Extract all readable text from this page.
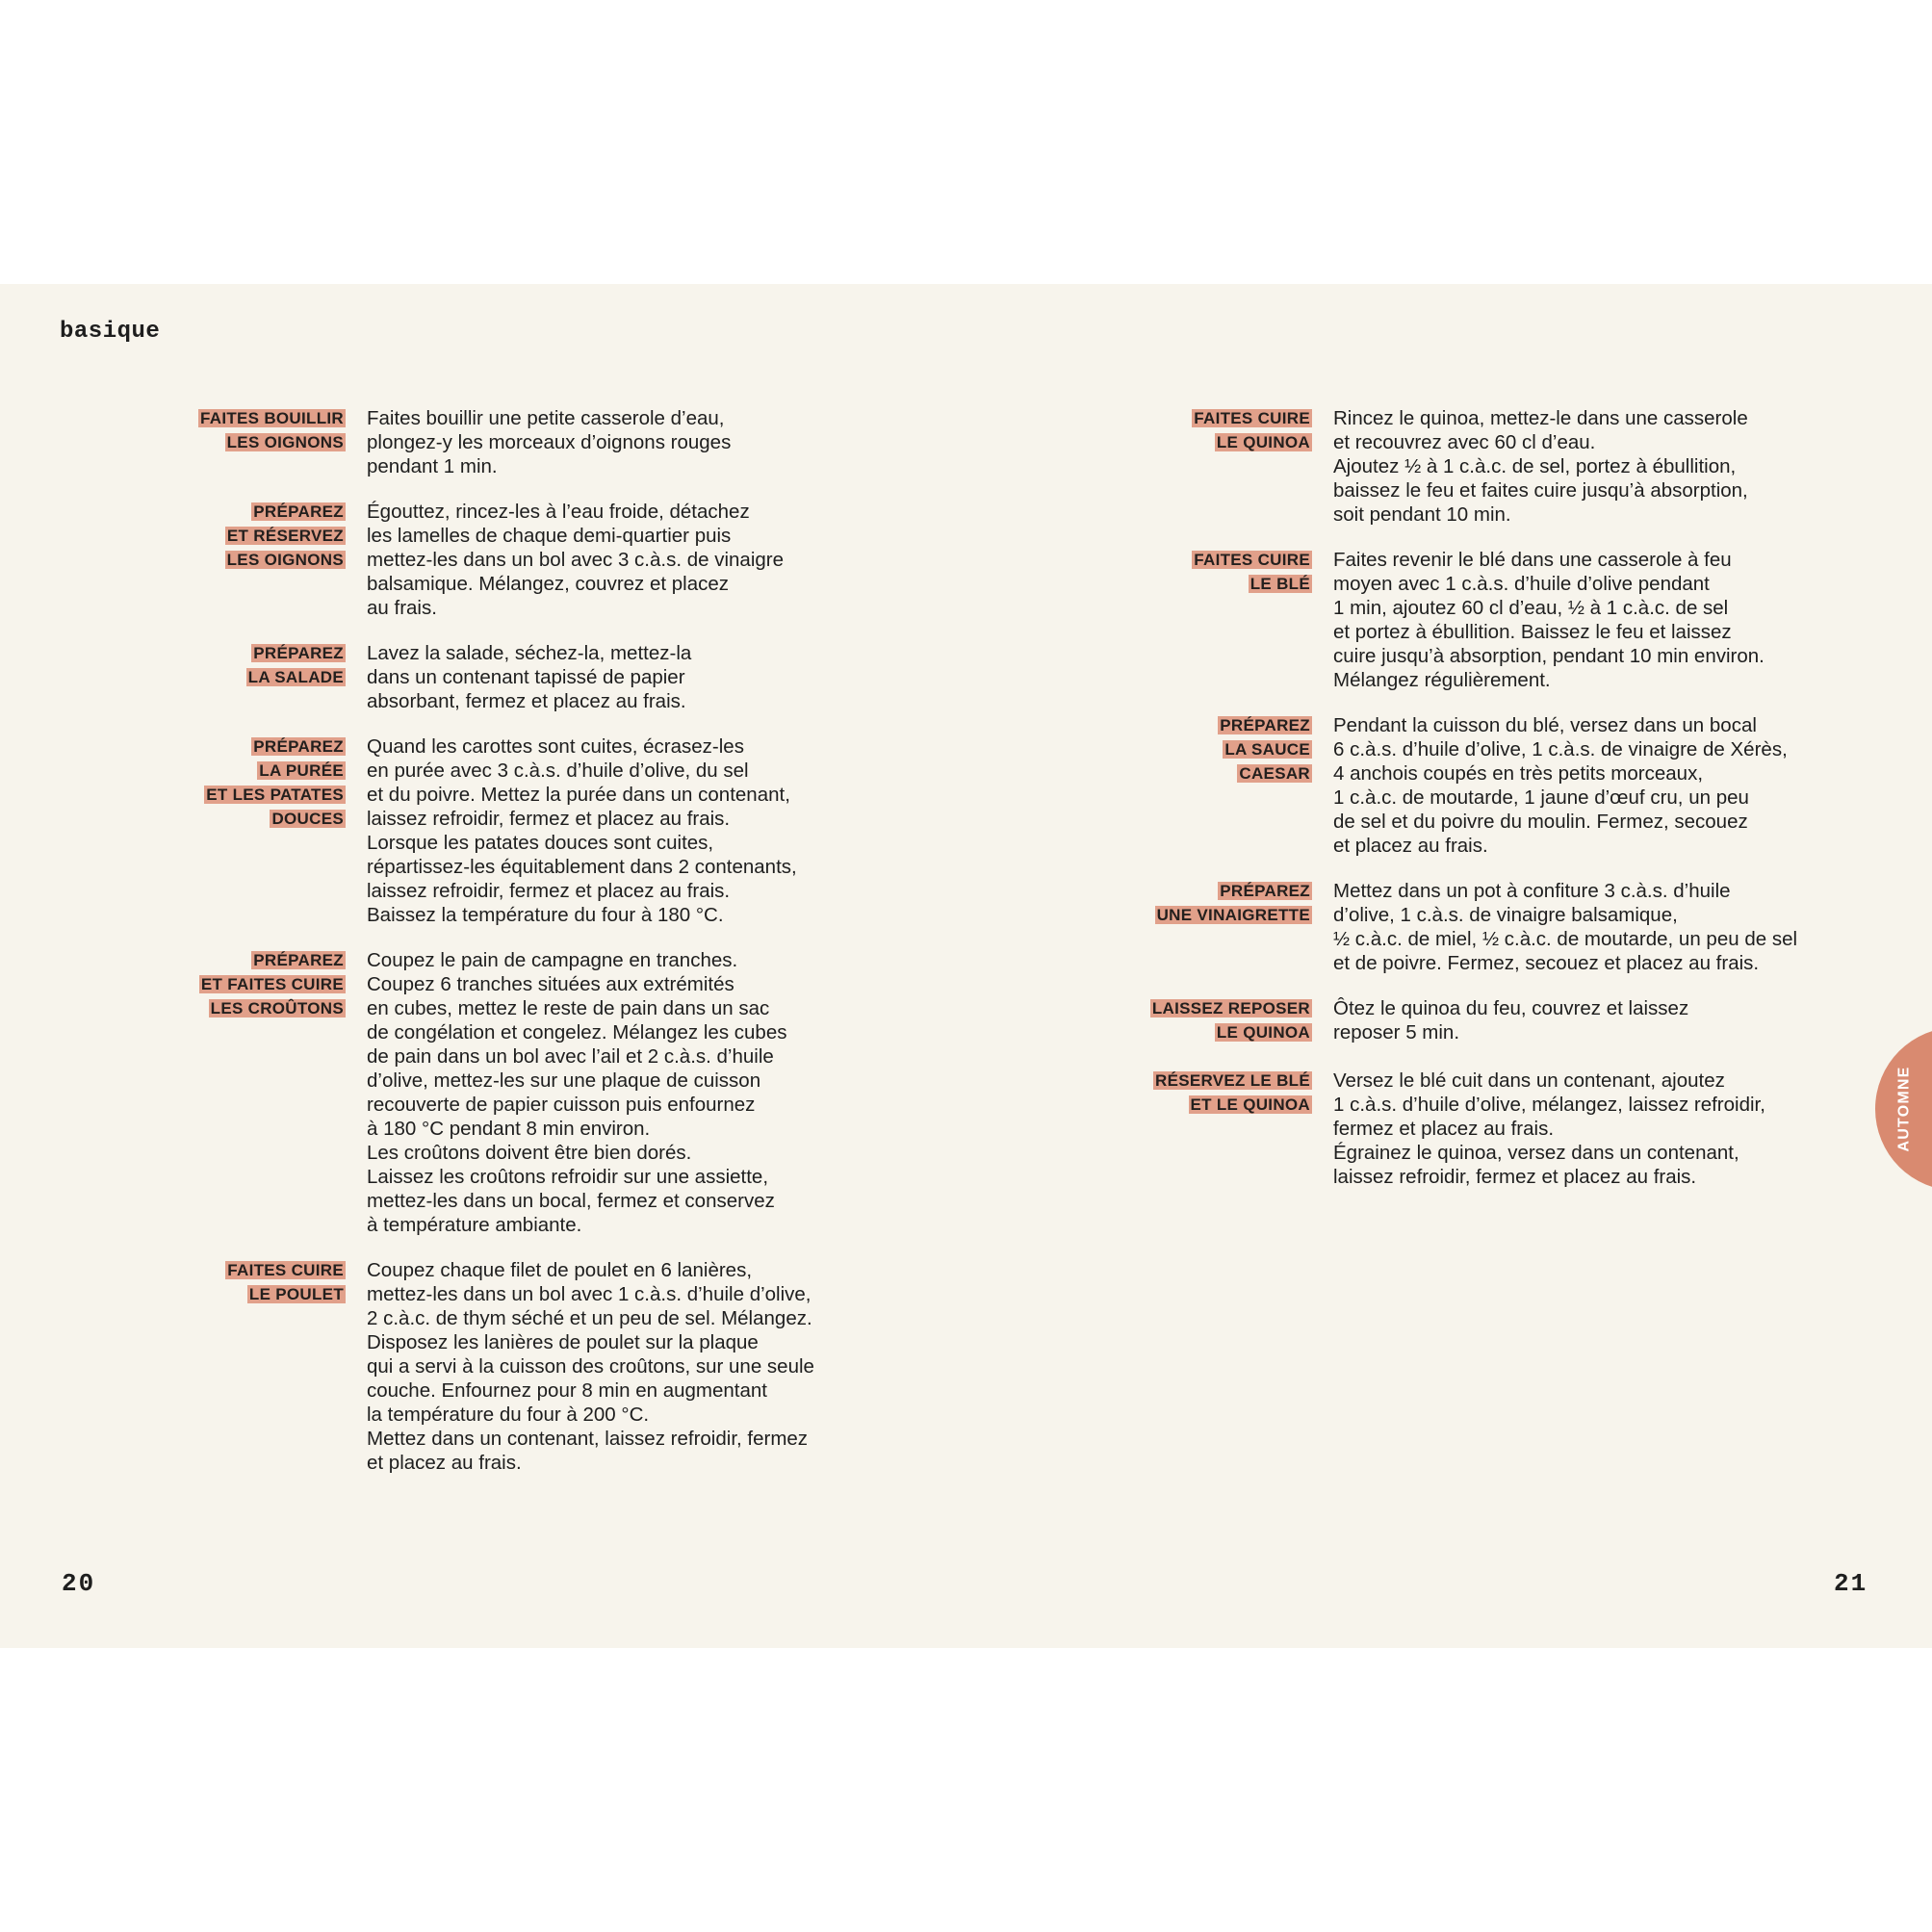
basique
FAITES BOUILLIR
LES OIGNONS
Faites bouillir une petite casserole d’eau,
plongez-y les morceaux d’oignons rouges
pendant 1 min.
PRÉPAREZ
ET RÉSERVEZ
LES OIGNONS
Égouttez, rincez-les à l’eau froide, détachez
les lamelles de chaque demi-quartier puis
mettez-les dans un bol avec 3 c.à.s. de vinaigre
balsamique. Mélangez, couvrez et placez
au frais.
PRÉPAREZ
LA SALADE
Lavez la salade, séchez-la, mettez-la
dans un contenant tapissé de papier
absorbant, fermez et placez au frais.
PRÉPAREZ
LA PURÉE
ET LES PATATES
DOUCES
Quand les carottes sont cuites, écrasez-les
en purée avec 3 c.à.s. d’huile d’olive, du sel
et du poivre. Mettez la purée dans un contenant,
laissez refroidir, fermez et placez au frais.
Lorsque les patates douces sont cuites,
répartissez-les équitablement dans 2 contenants,
laissez refroidir, fermez et placez au frais.
Baissez la température du four à 180 °C.
PRÉPAREZ
ET FAITES CUIRE
LES CROÛTONS
Coupez le pain de campagne en tranches.
Coupez 6 tranches situées aux extrémités
en cubes, mettez le reste de pain dans un sac
de congélation et congelez. Mélangez les cubes
de pain dans un bol avec l’ail et 2 c.à.s. d’huile
d’olive, mettez-les sur une plaque de cuisson
recouverte de papier cuisson puis enfournez
à 180 °C pendant 8 min environ.
Les croûtons doivent être bien dorés.
Laissez les croûtons refroidir sur une assiette,
mettez-les dans un bocal, fermez et conservez
à température ambiante.
FAITES CUIRE
LE POULET
Coupez chaque filet de poulet en 6 lanières,
mettez-les dans un bol avec 1 c.à.s. d’huile d’olive,
2 c.à.c. de thym séché et un peu de sel. Mélangez.
Disposez les lanières de poulet sur la plaque
qui a servi à la cuisson des croûtons, sur une seule
couche. Enfournez pour 8 min en augmentant
la température du four à 200 °C.
Mettez dans un contenant, laissez refroidir, fermez
et placez au frais.
FAITES CUIRE
LE QUINOA
Rincez le quinoa, mettez-le dans une casserole
et recouvrez avec 60 cl d’eau.
Ajoutez ½ à 1 c.à.c. de sel, portez à ébullition,
baissez le feu et faites cuire jusqu’à absorption,
soit pendant 10 min.
FAITES CUIRE
LE BLÉ
Faites revenir le blé dans une casserole à feu
moyen avec 1 c.à.s. d’huile d’olive pendant
1 min, ajoutez 60 cl d’eau, ½ à 1 c.à.c. de sel
et portez à ébullition. Baissez le feu et laissez
cuire jusqu’à absorption, pendant 10 min environ.
Mélangez régulièrement.
PRÉPAREZ
LA SAUCE
CAESAR
Pendant la cuisson du blé, versez dans un bocal
6 c.à.s. d’huile d’olive, 1 c.à.s. de vinaigre de Xérès,
4 anchois coupés en très petits morceaux,
1 c.à.c. de moutarde, 1 jaune d’œuf cru, un peu
de sel et du poivre du moulin. Fermez, secouez
et placez au frais.
PRÉPAREZ
UNE VINAIGRETTE
Mettez dans un pot à confiture 3 c.à.s. d’huile
d’olive, 1 c.à.s. de vinaigre balsamique,
½ c.à.c. de miel, ½ c.à.c. de moutarde, un peu de sel
et de poivre. Fermez, secouez et placez au frais.
LAISSEZ REPOSER
LE QUINOA
Ôtez le quinoa du feu, couvrez et laissez
reposer 5 min.
RÉSERVEZ LE BLÉ
ET LE QUINOA
Versez le blé cuit dans un contenant, ajoutez
1 c.à.s. d’huile d’olive, mélangez, laissez refroidir,
fermez et placez au frais.
Égrainez le quinoa, versez dans un contenant,
laissez refroidir, fermez et placez au frais.
20	21
AUTOMNE
